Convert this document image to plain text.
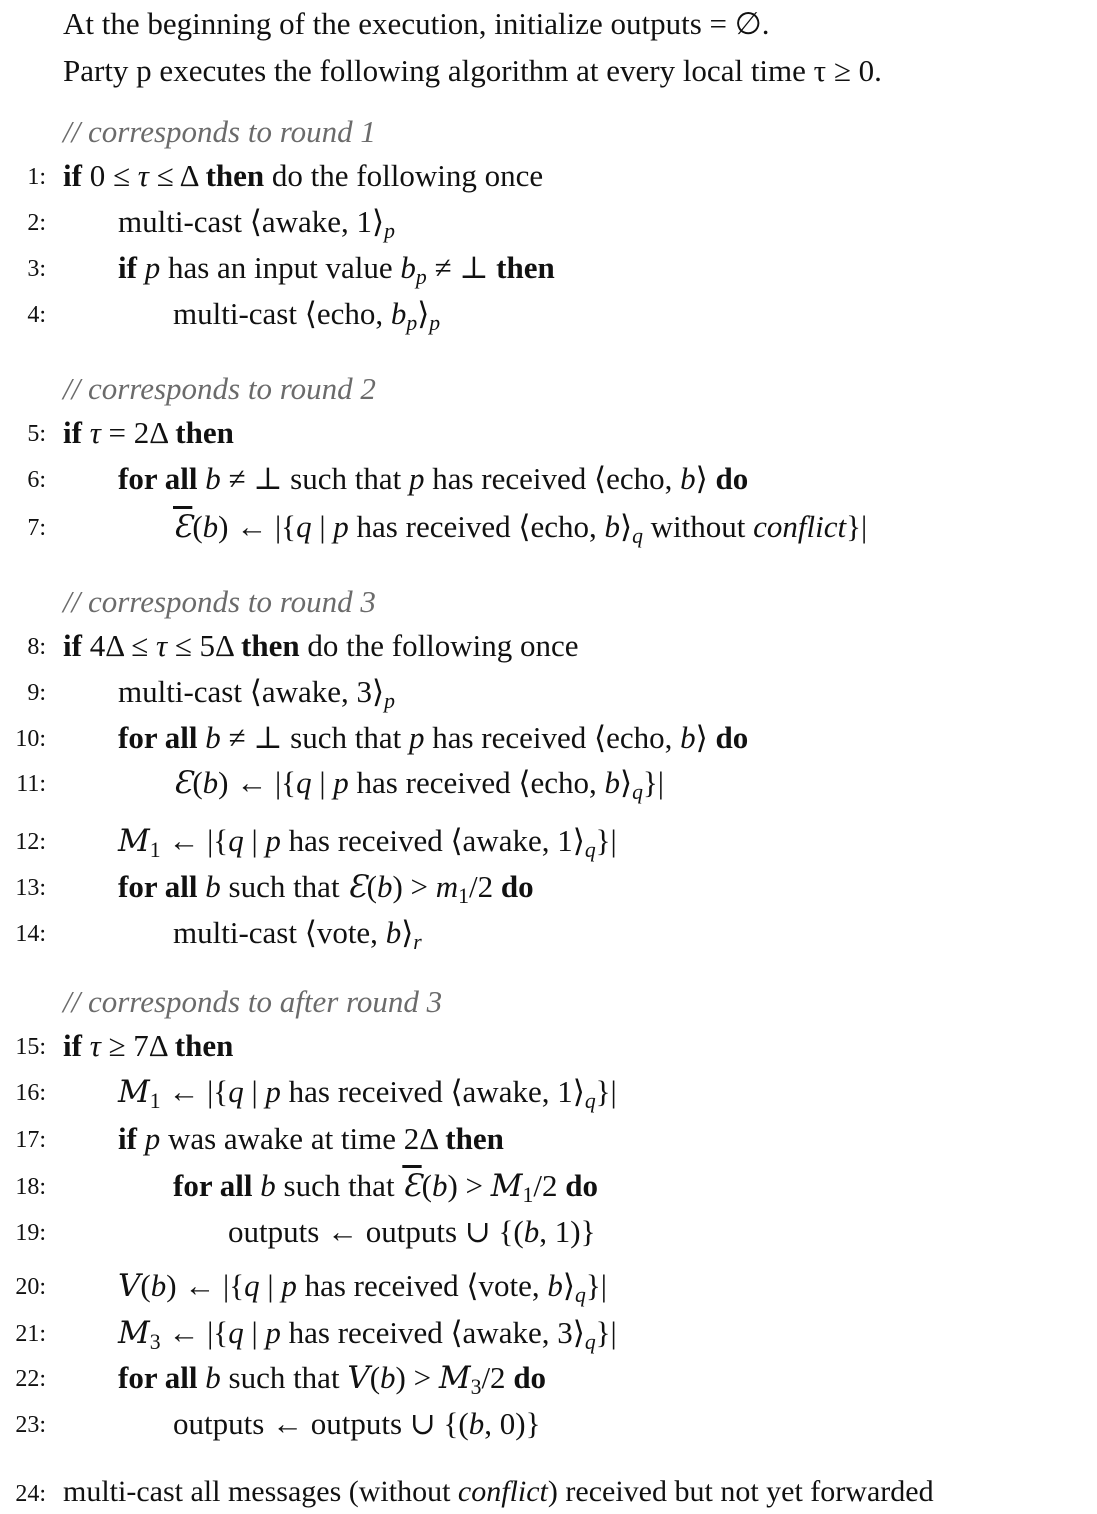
At the beginning of the execution, initialize outputs = ∅.
Party p executes the following algorithm at every local time τ ≥ 0.
// corresponds to round 1
// corresponds to round 2
// corresponds to round 3
// corresponds to after round 3
1:
2:
3:
4:
5:
6:
7:
8:
9:
10:
11:
12:
13:
14:
15:
16:
17:
18:
19:
20:
21:
22:
23:
24:
if 0 ≤ τ ≤ Δ then do the following once
multi-cast ⟨awake, $1⟩_p$
if p has an input value $b_p$ ≠ ⊥ then
multi-cast ⟨echo, $b_p⟩_p$
if τ = 2Δ then
for all b ≠ ⊥ such that p has received ⟨echo, b⟩ do
$\overline{Ɛ}(b)$ ← |{q | p has received ⟨echo, $b⟩_q$ without conflict}|
if 4Δ ≤ τ ≤ 5Δ then do the following once
multi-cast ⟨awake, $3⟩_p$
for all b ≠ ⊥ such that p has received ⟨echo, b⟩ do
Ɛ(b) ← |{q | p has received ⟨echo, $b⟩_q\}|$
$M_1$ ← |{q | p has received ⟨awake, $1⟩_q\}|$
for all b such that Ɛ(b) > $m_1/2$ do
multi-cast ⟨vote, $b⟩_r$
if τ ≥ 7Δ then
$M_1$ ← |{q | p has received ⟨awake, $1⟩_q\}|$
if p was awake at time 2Δ then
for all b such that $\overline{Ɛ}(b) > M_1/2$ do
outputs ← outputs ∪ {(b, 1)}
V(b) ← |{q | p has received ⟨vote, $b⟩_q\}|$
$M_3$ ← |{q | p has received ⟨awake, $3⟩_q\}|$
for all b such that $V(b) > M_3/2$ do
outputs ← outputs ∪ {(b, 0)}
multi-cast all messages (without conflict) received but not yet forwarded
